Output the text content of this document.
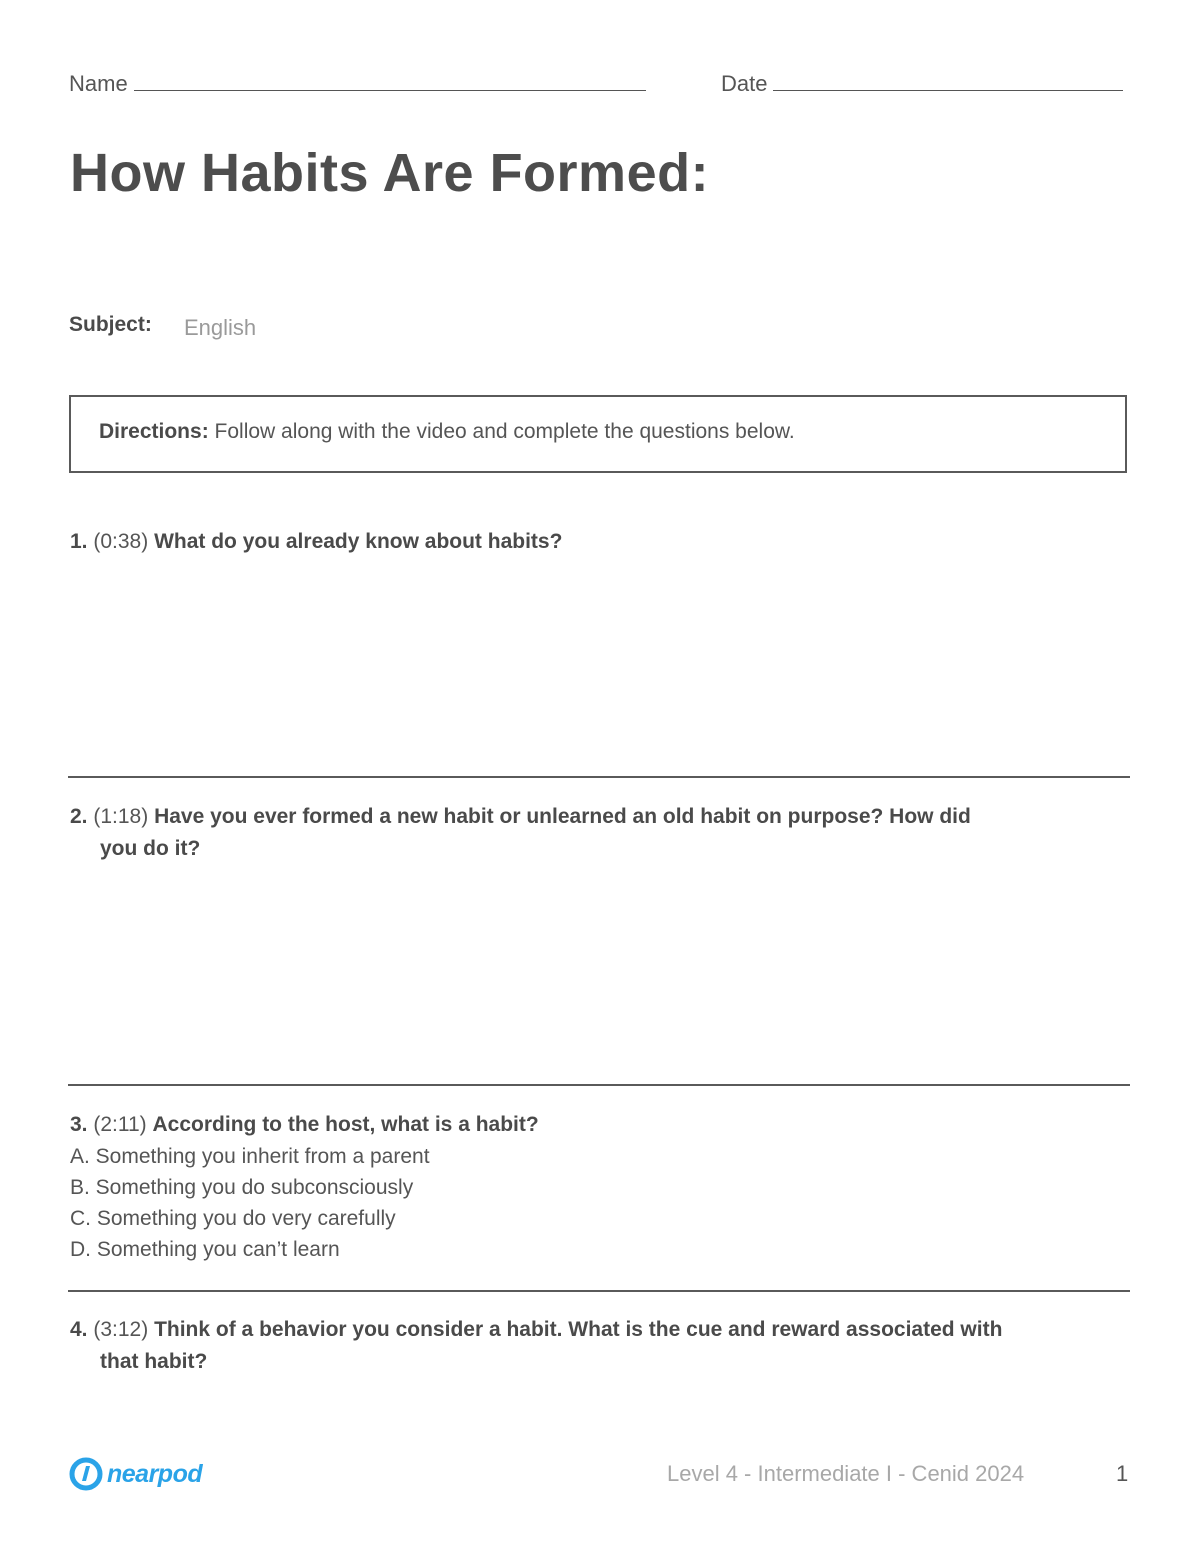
Name	Date
How Habits Are Formed:
Subject: English
Directions: Follow along with the video and complete the questions below.
1. (0:38) What do you already know about habits?
2. (1:18) Have you ever formed a new habit or unlearned an old habit on purpose? How did
you do it?
3. (2:11) According to the host, what is a habit?
A. Something you inherit from a parent
B. Something you do subconsciously
C. Something you do very carefully
D. Something you can’t learn
4. (3:12) Think of a behavior you consider a habit. What is the cue and reward associated with
that habit?
nearpod	Level 4 - Intermediate I - Cenid 2024	1
